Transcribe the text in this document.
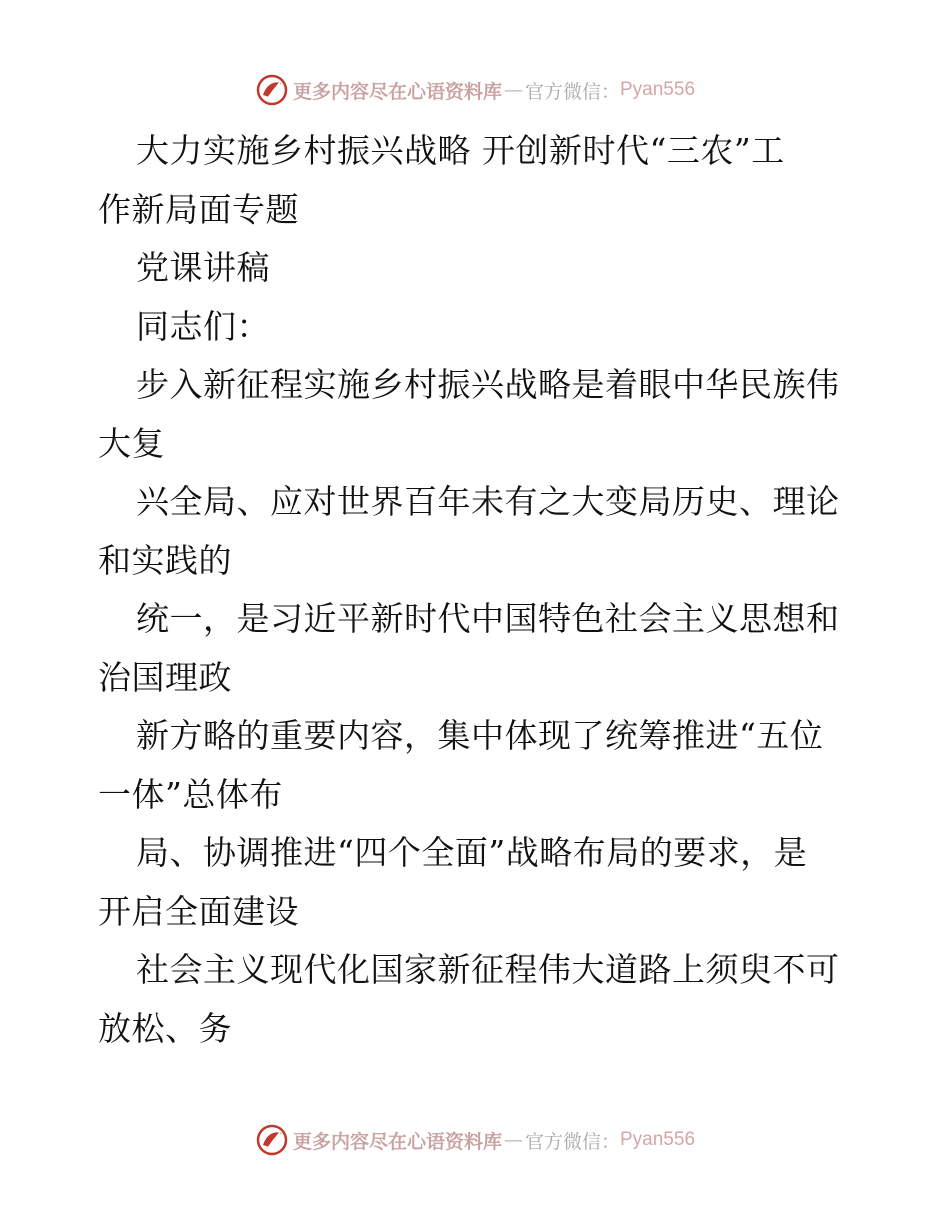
更多内容尽在心语资料库 — 官方微信： Pyan556
大力实施乡村振兴战略 开创新时代“三农”工
作新局面专题
党课讲稿
同志们：
步入新征程实施乡村振兴战略是着眼中华民族伟
大复
兴全局、应对世界百年未有之大变局历史、理论
和实践的
统一，是习近平新时代中国特色社会主义思想和
治国理政
新方略的重要内容，集中体现了统筹推进“五位
一体”总体布
局、协调推进“四个全面”战略布局的要求，是
开启全面建设
社会主义现代化国家新征程伟大道路上须臾不可
放松、务
更多内容尽在心语资料库 — 官方微信： Pyan556
